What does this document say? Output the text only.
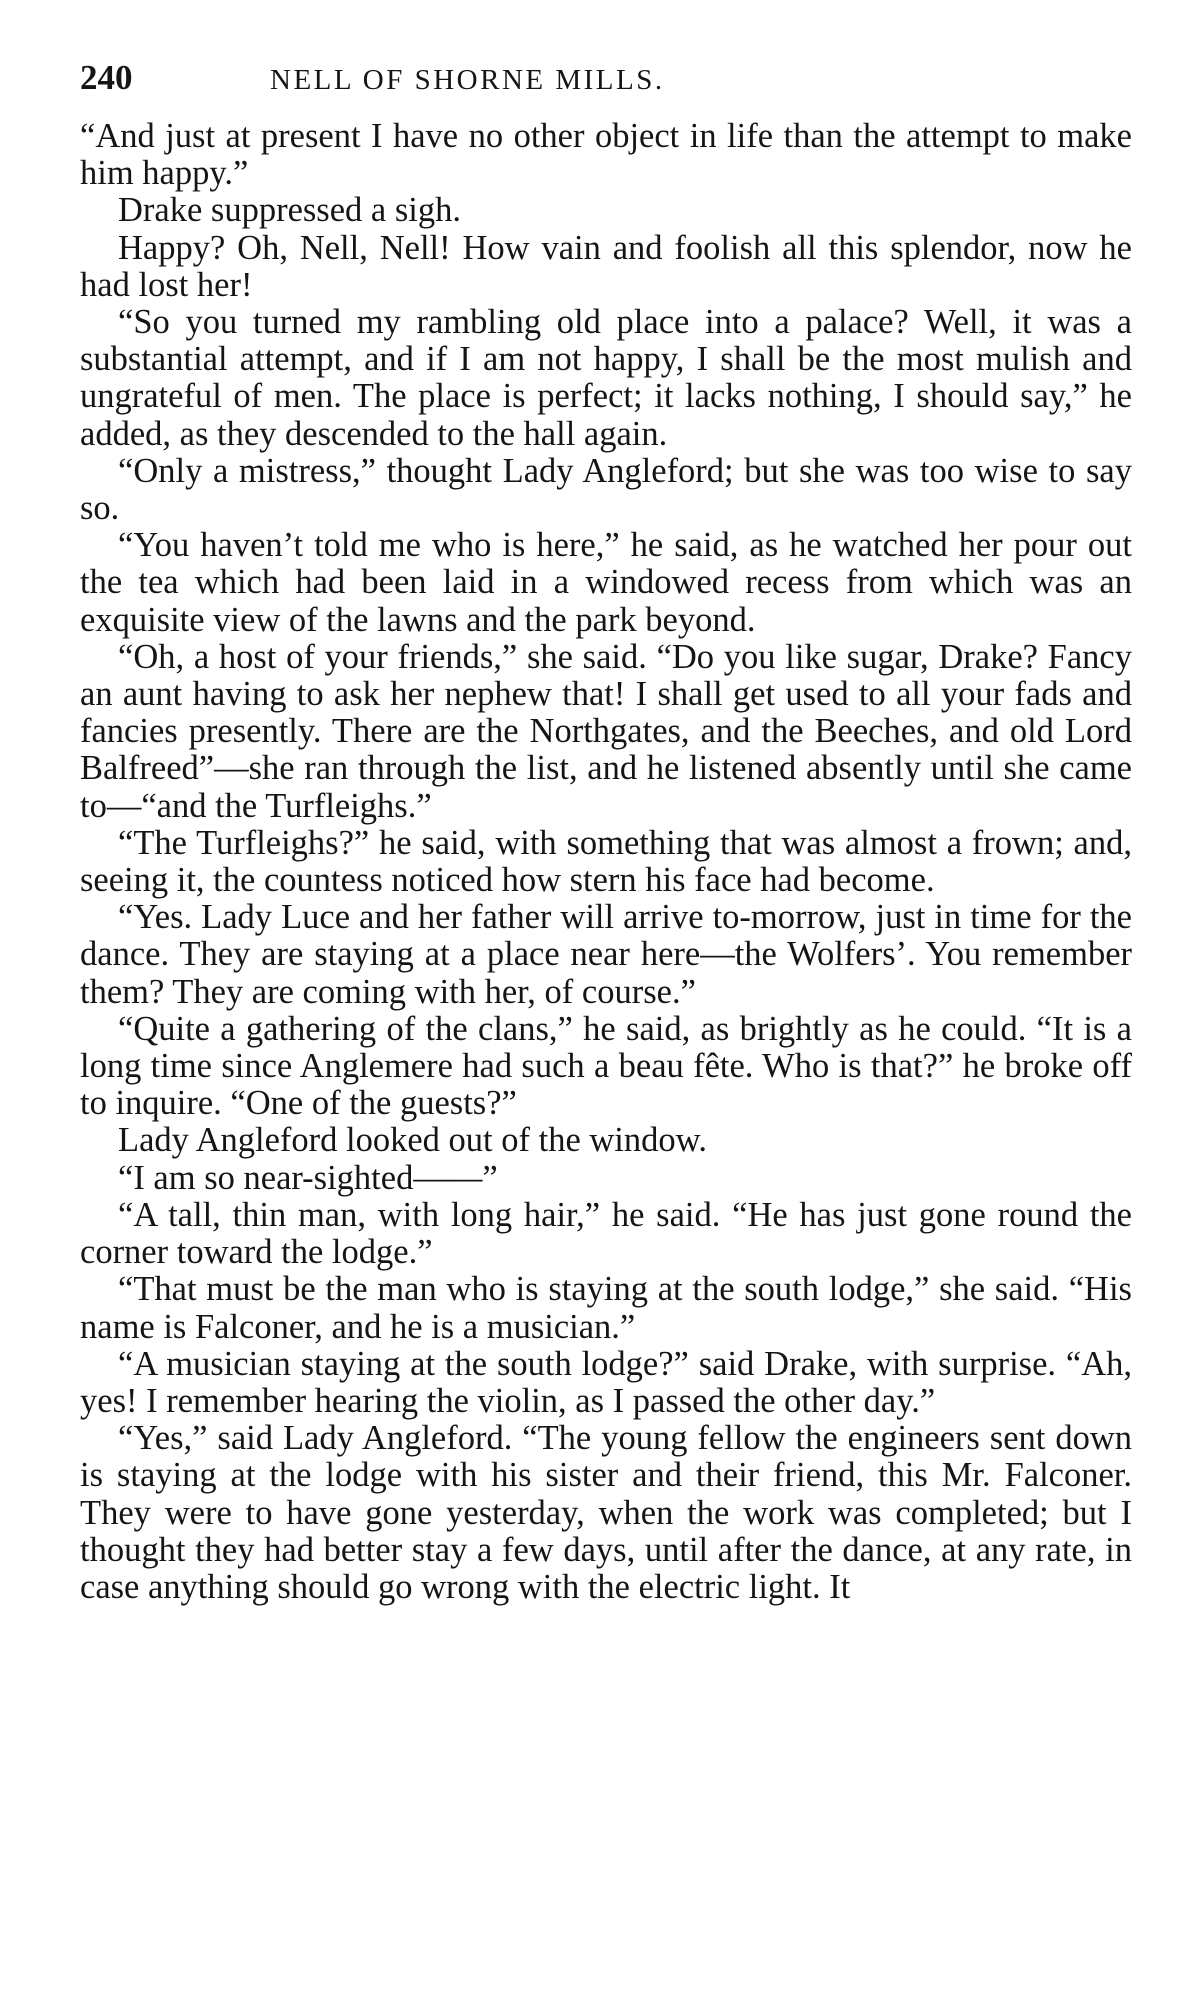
240	NELL OF SHORNE MILLS.

“And just at present I have no other object in life than the attempt to make him happy.”

Drake suppressed a sigh.

Happy? Oh, Nell, Nell! How vain and foolish all this splendor, now he had lost her!

“So you turned my rambling old place into a palace? Well, it was a substantial attempt, and if I am not happy, I shall be the most mulish and ungrateful of men. The place is perfect; it lacks nothing, I should say,” he added, as they descended to the hall again.

“Only a mistress,” thought Lady Angleford; but she was too wise to say so.

“You haven’t told me who is here,” he said, as he watched her pour out the tea which had been laid in a windowed recess from which was an exquisite view of the lawns and the park beyond.

“Oh, a host of your friends,” she said. “Do you like sugar, Drake? Fancy an aunt having to ask her nephew that! I shall get used to all your fads and fancies presently. There are the Northgates, and the Beeches, and old Lord Balfreed”—she ran through the list, and he listened absently until she came to—“and the Turfleighs.”

“The Turfleighs?” he said, with something that was almost a frown; and, seeing it, the countess noticed how stern his face had become.

“Yes. Lady Luce and her father will arrive to-morrow, just in time for the dance. They are staying at a place near here—the Wolfers’. You remember them? They are coming with her, of course.”

“Quite a gathering of the clans,” he said, as brightly as he could. “It is a long time since Anglemere had such a beau fête. Who is that?” he broke off to inquire. “One of the guests?”

Lady Angleford looked out of the window.

“I am so near-sighted——”

“A tall, thin man, with long hair,” he said. “He has just gone round the corner toward the lodge.”

“That must be the man who is staying at the south lodge,” she said. “His name is Falconer, and he is a musician.”

“A musician staying at the south lodge?” said Drake, with surprise. “Ah, yes! I remember hearing the violin, as I passed the other day.”

“Yes,” said Lady Angleford. “The young fellow the engineers sent down is staying at the lodge with his sister and their friend, this Mr. Falconer. They were to have gone yesterday, when the work was completed; but I thought they had better stay a few days, until after the dance, at any rate, in case anything should go wrong with the electric light. It
